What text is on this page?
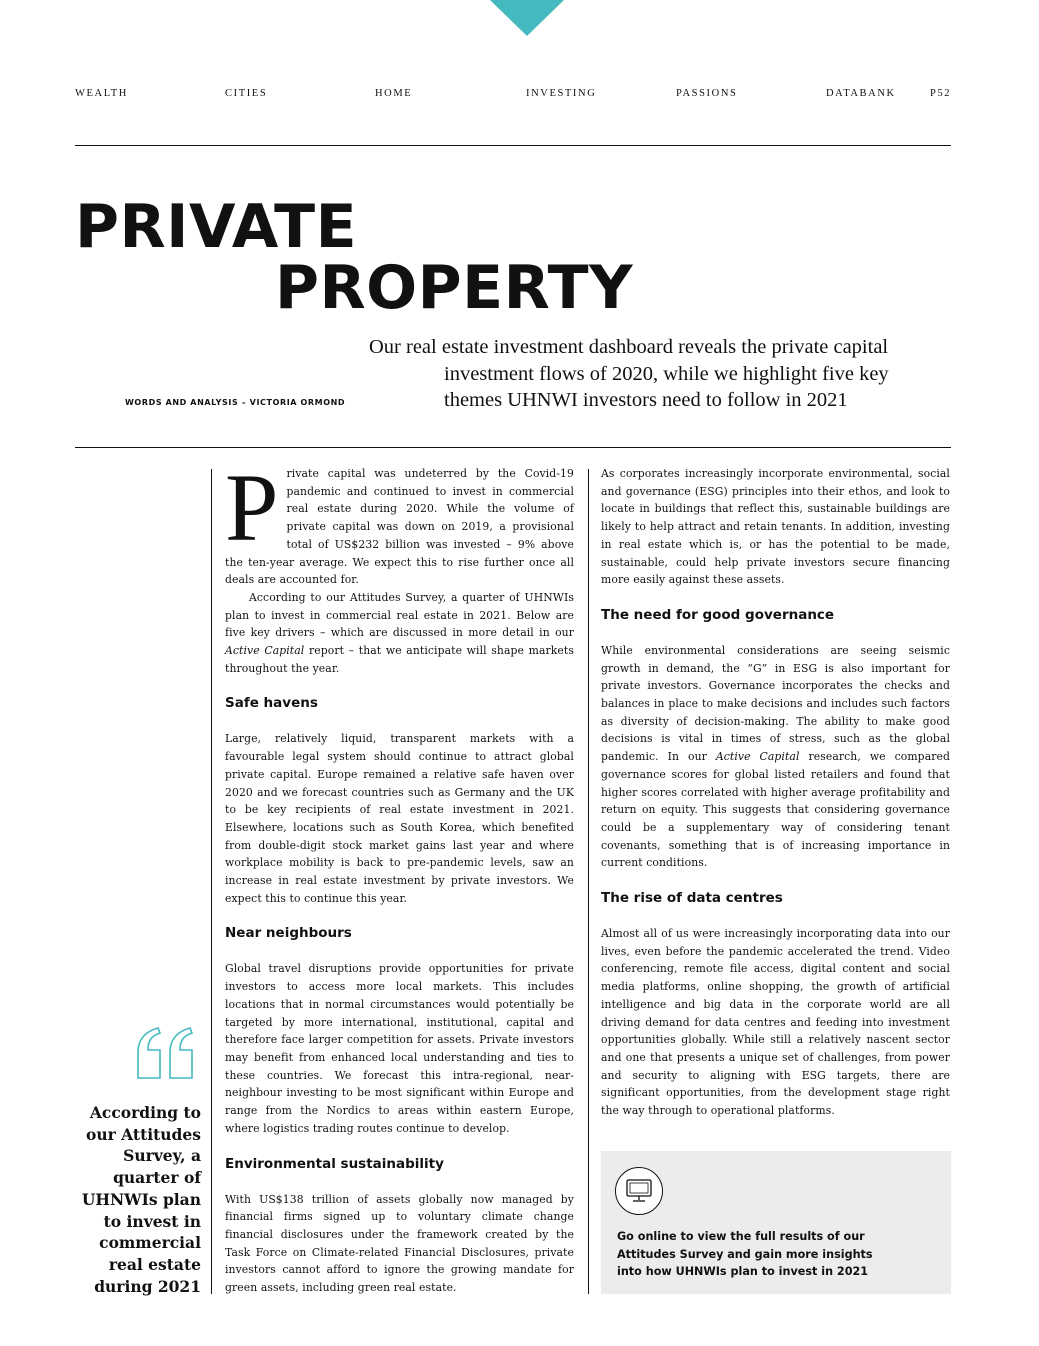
WEALTH	CITIES	HOME	INVESTING	PASSIONS	DATABANK	P52
PRIVATE
PROPERTY
WORDS AND ANALYSIS – VICTORIA ORMOND
Our real estate investment dashboard reveals the private capital
investment flows of 2020, while we highlight five key
themes UHNWI investors need to follow in 2021
According to our Attitudes Survey, a quarter of UHNWIs plan to invest in commercial real estate during 2021

Private capital was undeterred by the Covid-19 pandemic and continued to invest in commercial real estate during 2020. While the volume of private capital was down on 2019, a provisional total of US$232 billion was invested – 9% above the ten-year average. We expect this to rise further once all deals are accounted for.

According to our Attitudes Survey, a quarter of UHNWIs plan to invest in commercial real estate in 2021. Below are five key drivers – which are discussed in more detail in our Active Capital report – that we anticipate will shape markets throughout the year.

Safe havens

Large, relatively liquid, transparent markets with a favourable legal system should continue to attract global private capital. Europe remained a relative safe haven over 2020 and we forecast countries such as Germany and the UK to be key recipients of real estate investment in 2021. Elsewhere, locations such as South Korea, which benefited from double-digit stock market gains last year and where workplace mobility is back to pre-pandemic levels, saw an increase in real estate investment by private investors. We expect this to continue this year.

Near neighbours

Global travel disruptions provide opportunities for private investors to access more local markets. This includes locations that in normal circumstances would potentially be targeted by more international, institutional, capital and therefore face larger competition for assets. Private investors may benefit from enhanced local understanding and ties to these countries. We forecast this intra-regional, near-neighbour investing to be most significant within Europe and range from the Nordics to areas within eastern Europe, where logistics trading routes continue to develop.

Environmental sustainability

With US$138 trillion of assets globally now managed by financial firms signed up to voluntary climate change financial disclosures under the framework created by the Task Force on Climate-related Financial Disclosures, private investors cannot afford to ignore the growing mandate for green assets, including green real estate.

As corporates increasingly incorporate environmental, social and governance (ESG) principles into their ethos, and look to locate in buildings that reflect this, sustainable buildings are likely to help attract and retain tenants. In addition, investing in real estate which is, or has the potential to be made, sustainable, could help private investors secure financing more easily against these assets.

The need for good governance

While environmental considerations are seeing seismic growth in demand, the “G” in ESG is also important for private investors. Governance incorporates the checks and balances in place to make decisions and includes such factors as diversity of decision-making. The ability to make good decisions is vital in times of stress, such as the global pandemic. In our Active Capital research, we compared governance scores for global listed retailers and found that higher scores correlated with higher average profitability and return on equity. This suggests that considering governance could be a supplementary way of considering tenant covenants, something that is of increasing importance in current conditions.

The rise of data centres

Almost all of us were increasingly incorporating data into our lives, even before the pandemic accelerated the trend. Video conferencing, remote file access, digital content and social media platforms, online shopping, the growth of artificial intelligence and big data in the corporate world are all driving demand for data centres and feeding into investment opportunities globally. While still a relatively nascent sector and one that presents a unique set of challenges, from power and security to aligning with ESG targets, there are significant opportunities, from the development stage right the way through to operational platforms.

Go online to view the full results of our
Attitudes Survey and gain more insights
into how UHNWIs plan to invest in 2021
